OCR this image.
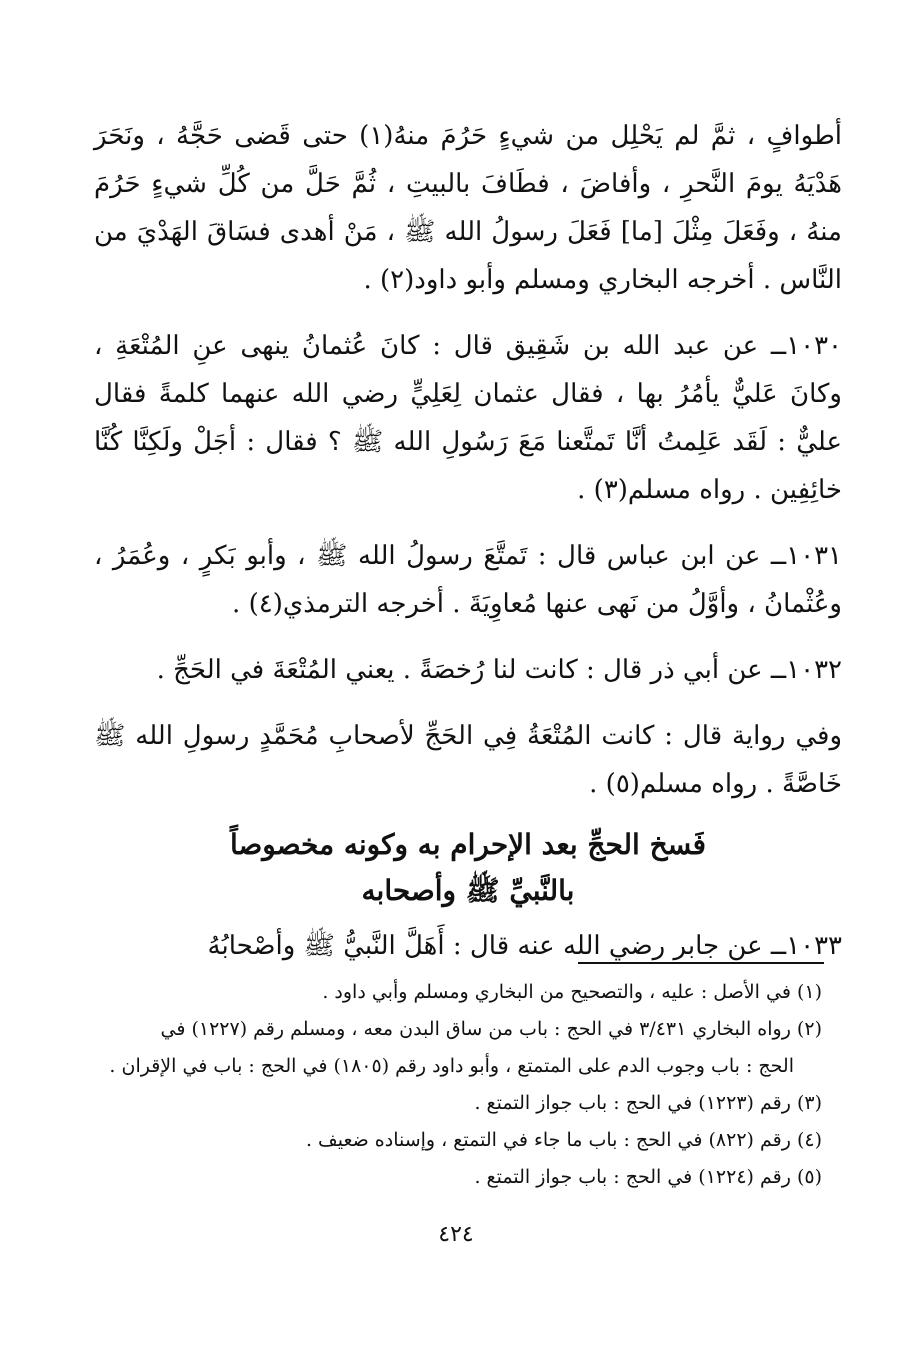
أطوافٍ ، ثمَّ لم يَحْلِل من شيءٍ حَرُمَ منهُ(١) حتى قَضى حَجَّهُ ، ونَحَرَ هَدْيَهُ يومَ النَّحرِ ، وأفاضَ ، فطَافَ بالبيتِ ، ثُمَّ حَلَّ من كُلِّ شيءٍ حَرُمَ منهُ ، وفَعَلَ مِثْلَ [ما] فَعَلَ رسولُ الله ﷺ ، مَنْ أهدى فسَاقَ الهَدْيَ من النَّاس . أخرجه البخاري ومسلم وأبو داود(٢) .

١٠٣٠ــ عن عبد الله بن شَقِيق قال : كانَ عُثمانُ ينهى عنِ المُتْعَةِ ، وكانَ عَليٌّ يأمُرُ بها ، فقال عثمان لِعَلِيٍّ رضي الله عنهما كلمةً فقال عليٌّ : لَقَد عَلِمتُ أنَّا تَمتَّعنا مَعَ رَسُولِ الله ﷺ ؟ فقال : أجَلْ ولَكِنَّا كُنَّا خائِفِين . رواه مسلم(٣) .

١٠٣١ــ عن ابن عباس قال : تَمتَّعَ رسولُ الله ﷺ ، وأبو بَكرٍ ، وعُمَرُ ، وعُثْمانُ ، وأوَّلُ من نَهى عنها مُعاوِيَةَ . أخرجه الترمذي(٤) .

١٠٣٢ــ عن أبي ذر قال : كانت لنا رُخصَةً . يعني المُتْعَةَ في الحَجِّ .

وفي رواية قال : كانت المُتْعَةُ فِي الحَجِّ لأصحابِ مُحَمَّدٍ رسولِ الله ﷺ خَاصَّةً . رواه مسلم(٥) .

فَسخ الحجِّ بعد الإحرام به وكونه مخصوصاً

بالنَّبيِّ ﷺ وأصحابه

١٠٣٣ــ عن جابر رضي الله عنه قال : أَهَلَّ النَّبيُّ ﷺ وأصْحابُهُ

(١) في الأصل : عليه ، والتصحيح من البخاري ومسلم وأبي داود .

(٢) رواه البخاري ٣/٤٣١ في الحج : باب من ساق البدن معه ، ومسلم رقم (١٢٢٧) في

الحج : باب وجوب الدم على المتمتع ، وأبو داود رقم (١٨٠٥) في الحج : باب في الإقران .

(٣) رقم (١٢٢٣) في الحج : باب جواز التمتع .

(٤) رقم (٨٢٢) في الحج : باب ما جاء في التمتع ، وإسناده ضعيف .

(٥) رقم (١٢٢٤) في الحج : باب جواز التمتع .

٤٢٤
